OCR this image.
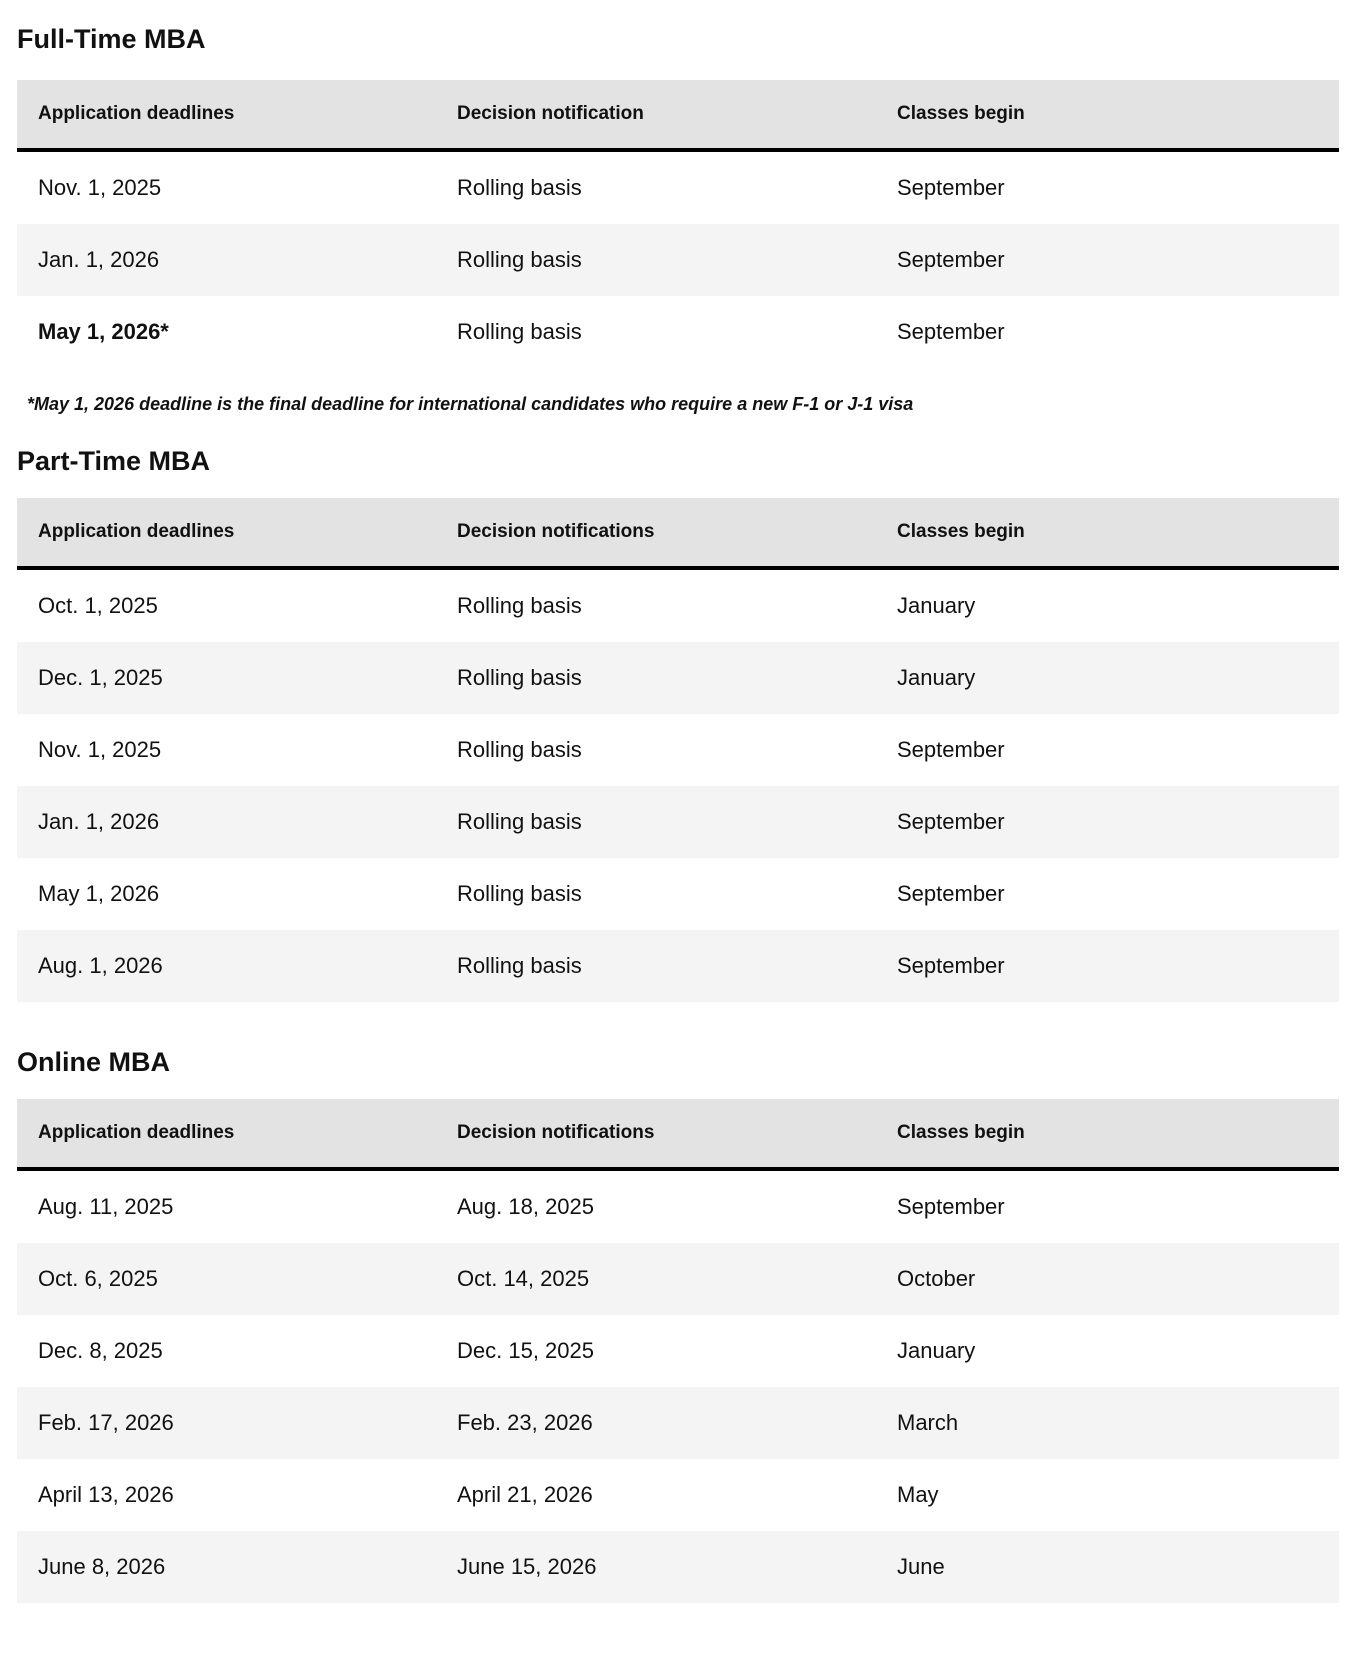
Full-Time MBA
Application deadlines	Decision notification	Classes begin
Nov. 1, 2025	Rolling basis	September
Jan. 1, 2026	Rolling basis	September
May 1, 2026*	Rolling basis	September

*May 1, 2026 deadline is the final deadline for international candidates who require a new F-1 or J-1 visa

Part-Time MBA
Application deadlines	Decision notifications	Classes begin
Oct. 1, 2025	Rolling basis	January
Dec. 1, 2025	Rolling basis	January
Nov. 1, 2025	Rolling basis	September
Jan. 1, 2026	Rolling basis	September
May 1, 2026	Rolling basis	September
Aug. 1, 2026	Rolling basis	September
Online MBA
Application deadlines	Decision notifications	Classes begin
Aug. 11, 2025	Aug. 18, 2025	September
Oct. 6, 2025	Oct. 14, 2025	October
Dec. 8, 2025	Dec. 15, 2025	January
Feb. 17, 2026	Feb. 23, 2026	March
April 13, 2026	April 21, 2026	May
June 8, 2026	June 15, 2026	June
